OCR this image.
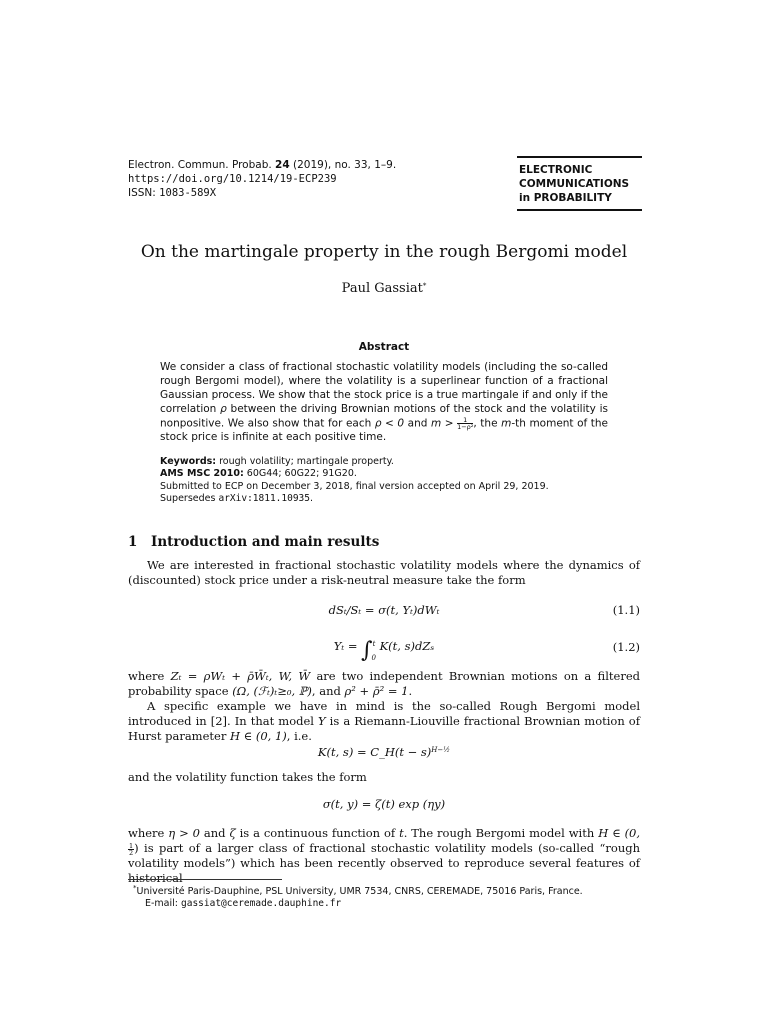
Electron. Commun. Probab. 24 (2019), no. 33, 1–9.
https://doi.org/10.1214/19-ECP239
ISSN: 1083-589X
ELECTRONIC
COMMUNICATIONS
in PROBABILITY
On the martingale property in the rough Bergomi model
Paul Gassiat*
Abstract
We consider a class of fractional stochastic volatility models (including the so-called rough Bergomi model), where the volatility is a superlinear function of a fractional Gaussian process. We show that the stock price is a true martingale if and only if the correlation ρ between the driving Brownian motions of the stock and the volatility is nonpositive. We also show that for each ρ < 0 and $m > \frac{1}{\text{1−ρ²}}$ , the m-th moment of the stock price is infinite at each positive time.
Keywords: rough volatility; martingale property.
AMS MSC 2010: 60G44; 60G22; 91G20.
Submitted to ECP on December 3, 2018, final version accepted on April 29, 2019.
Supersedes arXiv:1811.10935.
1 Introduction and main results
We are interested in fractional stochastic volatility models where the dynamics of (discounted) stock price under a risk-neutral measure take the form
dSₜ/Sₜ = σ(t, Yₜ)dWₜ	(1.1)
Yₜ = ∫$^t_0$ K(t, s)dZₛ	(1.2)
where Zₜ = ρWₜ + ρ̄W̄ₜ, W, W̄ are two independent Brownian motions on a filtered probability space (Ω, (ℱₜ)ₜ≥₀, ℙ), and ρ² + ρ̄² = 1.
A specific example we have in mind is the so-called Rough Bergomi model introduced in [2]. In that model Y is a Riemann-Liouville fractional Brownian motion of Hurst parameter H ∈ (0, 1), i.e.
K(t, s) = C_H(t − s)$^{H-\frac{1}{2}}$
and the volatility function takes the form
σ(t, y) = ζ(t) exp (ηy)
where η > 0 and ζ is a continuous function of t. The rough Bergomi model with H ∈ (0,
$\frac{1}{2}$ ) is part of a larger class of fractional stochastic volatility models (so-called “rough volatility models”) which has been recently observed to reproduce several features of historical
*Université Paris-Dauphine, PSL University, UMR 7534, CNRS, CEREMADE, 75016 Paris, France.
E-mail: gassiat@ceremade.dauphine.fr
